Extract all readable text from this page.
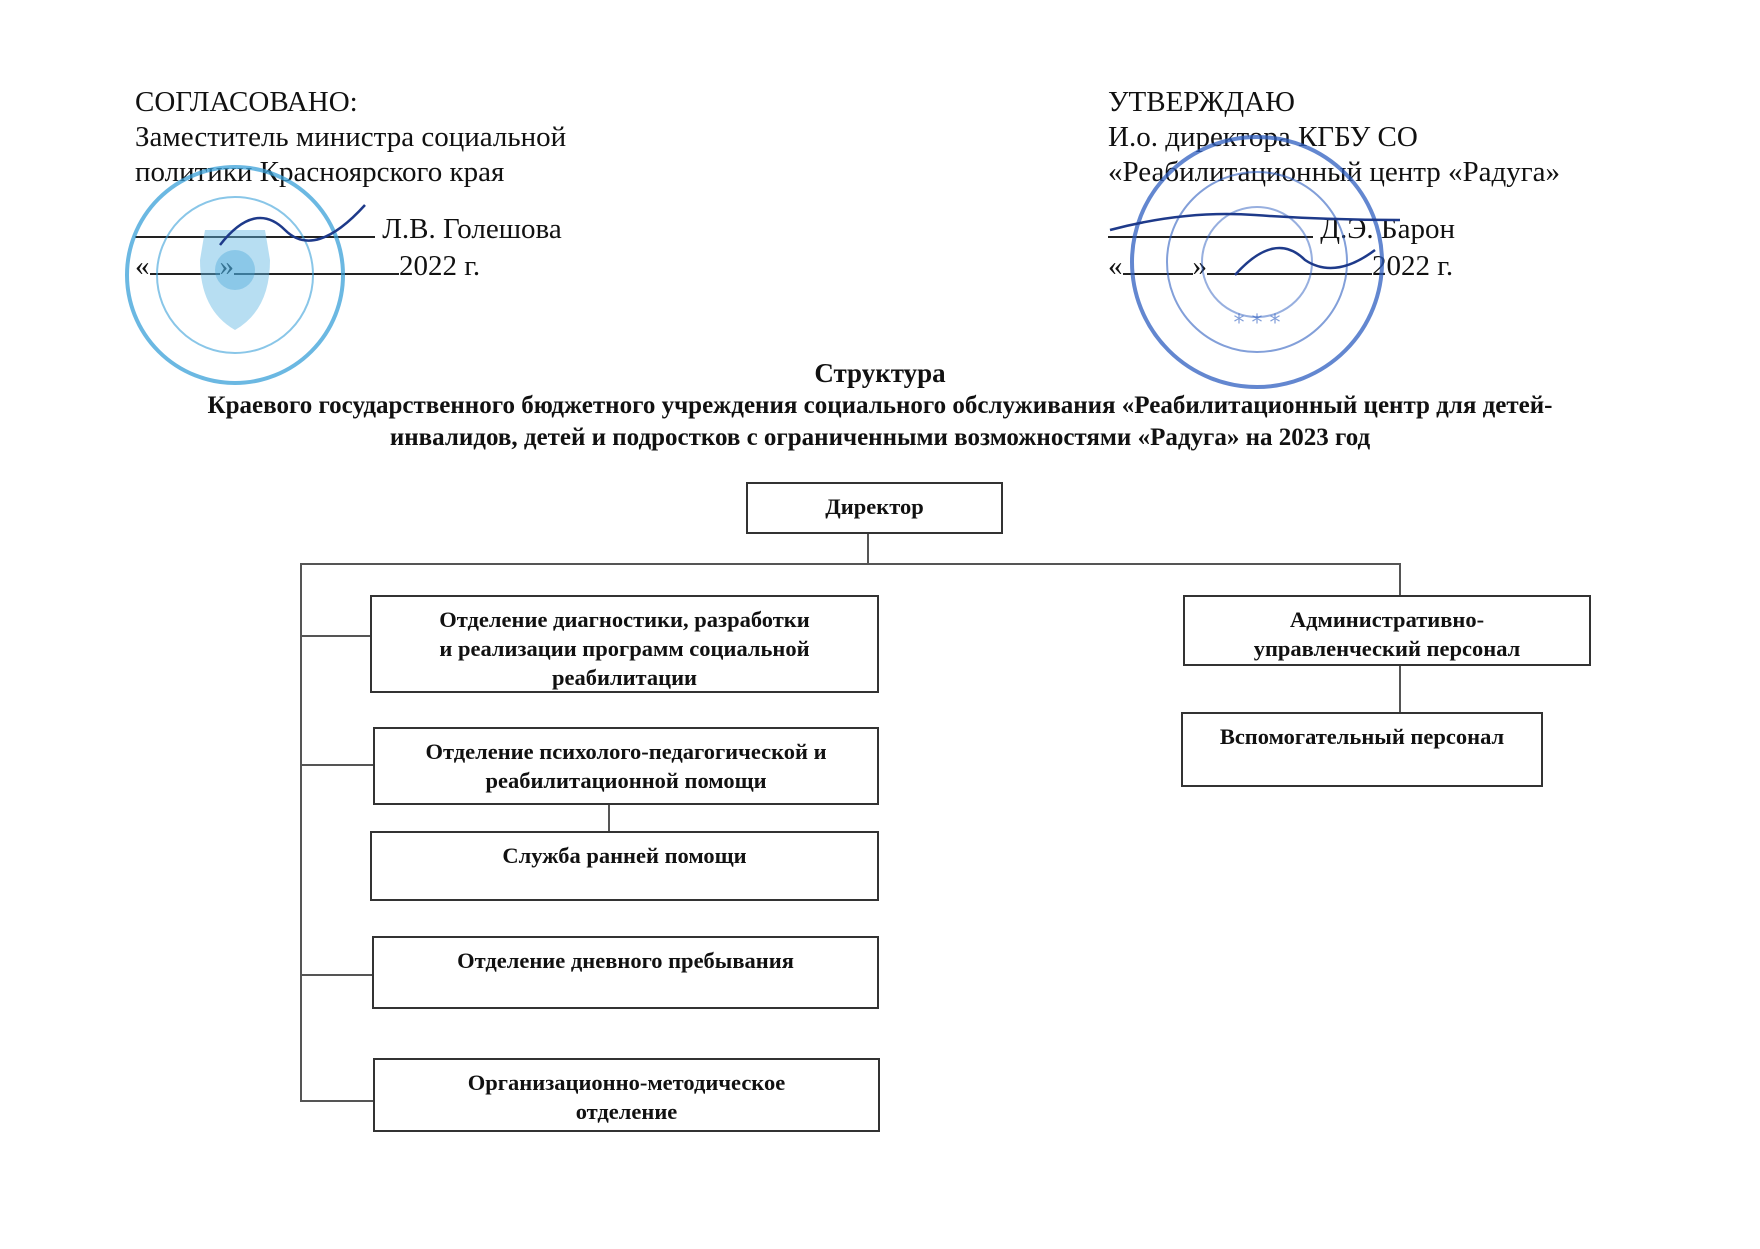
СОГЛАСОВАНО:
Заместитель министра социальной
политики Красноярского края
Л.В. Голешова
« »	2022 г.
УТВЕРЖДАЮ
И.о. директора КГБУ СО
«Реабилитационный центр «Радуга»
Д.Э. Барон
« »	2022 г.
* * *
Структура
Краевого государственного бюджетного учреждения социального обслуживания «Реабилитационный центр для детей-
инвалидов, детей и подростков с ограниченными возможностями «Радуга» на 2023 год
Директор
Отделение диагностики, разработки
и реализации программ социальной
реабилитации
Отделение психолого-педагогической и
реабилитационной помощи
Служба ранней помощи
Отделение дневного пребывания
Организационно-методическое
отделение
Административно-
управленческий персонал
Вспомогательный персонал
